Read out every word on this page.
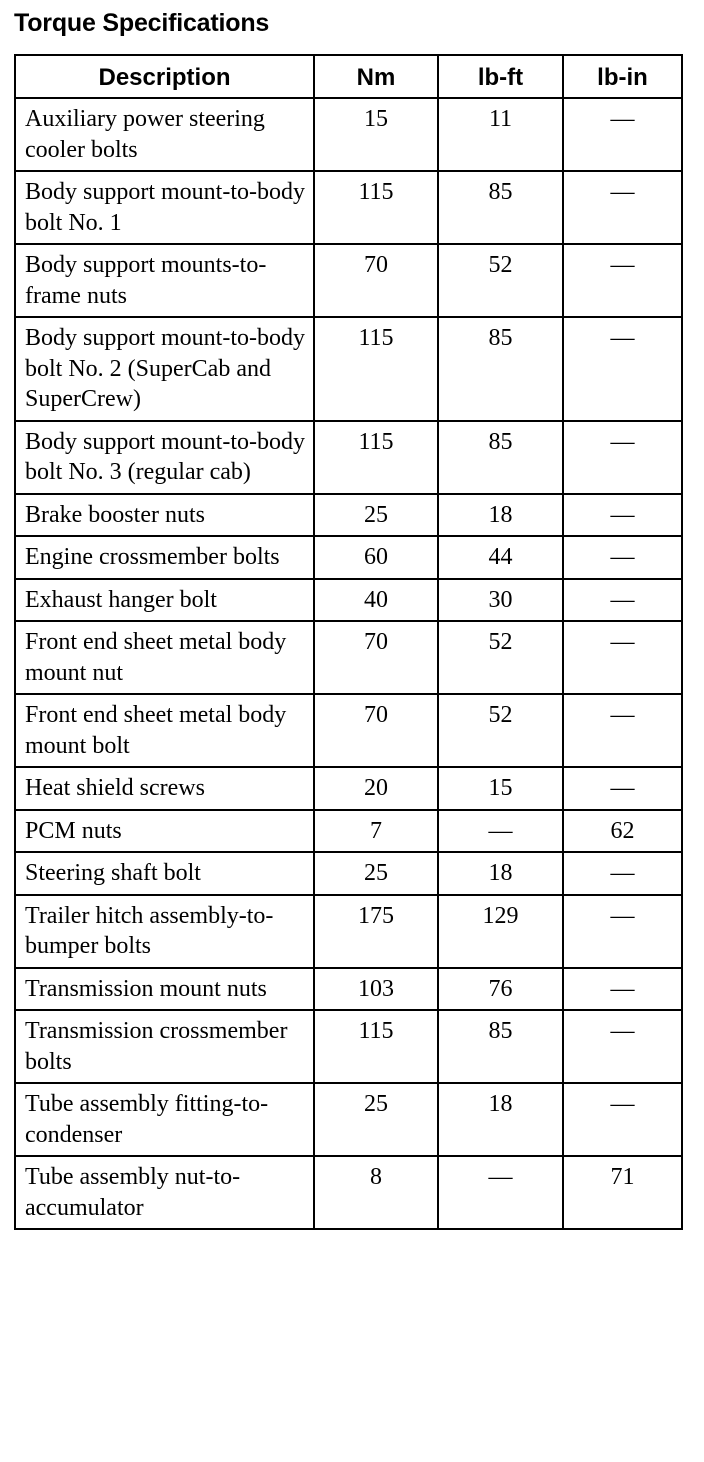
Torque Specifications
Description	Nm	lb-ft	lb-in
Auxiliary power steering cooler bolts	15	11	—
Body support mount-to-body bolt No. 1	115	85	—
Body support mounts-to-frame nuts	70	52	—
Body support mount-to-body bolt No. 2 (SuperCab and SuperCrew)	115	85	—
Body support mount-to-body bolt No. 3 (regular cab)	115	85	—
Brake booster nuts	25	18	—
Engine crossmember bolts	60	44	—
Exhaust hanger bolt	40	30	—
Front end sheet metal body mount nut	70	52	—
Front end sheet metal body mount bolt	70	52	—
Heat shield screws	20	15	—
PCM nuts	7	—	62
Steering shaft bolt	25	18	—
Trailer hitch assembly-to-bumper bolts	175	129	—
Transmission mount nuts	103	76	—
Transmission crossmember bolts	115	85	—
Tube assembly fitting-to-condenser	25	18	—
Tube assembly nut-to-accumulator	8	—	71
